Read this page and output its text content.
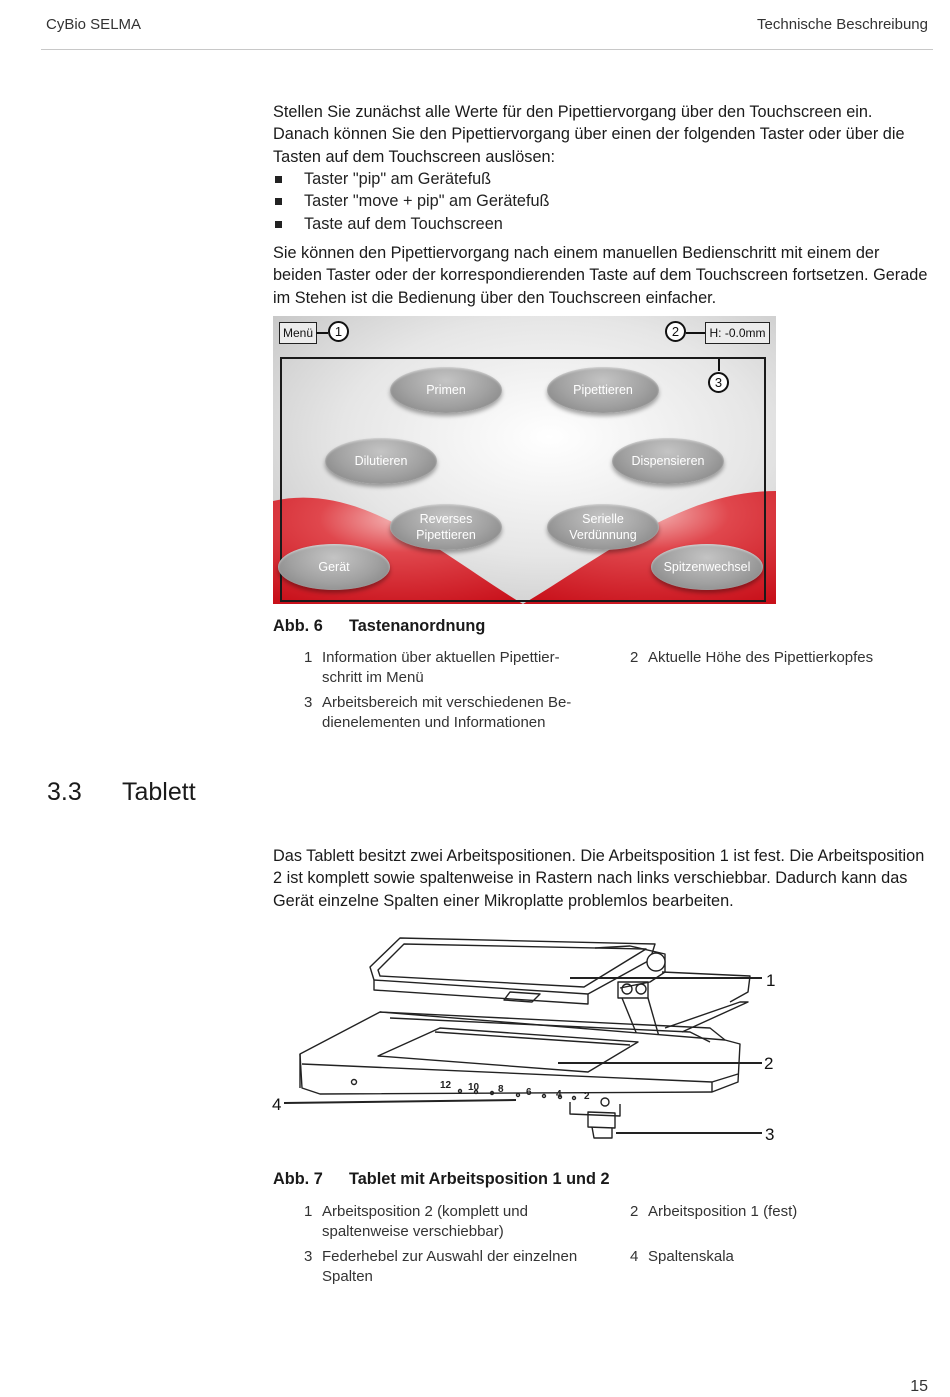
CyBio SELMA	Technische Beschreibung

Stellen Sie zunächst alle Werte für den Pipettiervorgang über den Touchscreen ein. Danach können Sie den Pipettiervorgang über einen der folgenden Taster oder über die Tasten auf dem Touchscreen auslösen:

Taster "pip" am Gerätefuß
Taster "move + pip" am Gerätefuß
Taste auf dem Touchscreen

Sie können den Pipettiervorgang nach einem manuellen Bedienschritt mit einem der beiden Taster oder der korrespondierenden Taste auf dem Touchscreen fortsetzen. Gerade im Stehen ist die Bedienung über den Touchscreen einfacher.

Menü	1	2	H: -0.0mm
3
Primen	Pipettieren
Dilutieren	Dispensieren
Reverses
Pipettieren
Serielle
Verdünnung
Gerät	Spitzenwechsel
Abb. 6 Tastenanordnung
1 Information über aktuellen Pipettier-
schritt im Menü
2 Aktuelle Höhe des Pipettierkopfes
3 Arbeitsbereich mit verschiedenen Be-
dienelementen und Informationen
3.3 Tablett

Das Tablett besitzt zwei Arbeitspositionen. Die Arbeitsposition 1 ist fest. Die Arbeitsposition 2 ist komplett sowie spaltenweise in Rastern nach links verschiebbar. Dadurch kann das Gerät einzelne Spalten einer Mikroplatte problemlos bearbeiten.

12 10 8 6 4 2
1
2
3
4
Abb. 7 Tablet mit Arbeitsposition 1 und 2
1 Arbeitsposition 2 (komplett und
spaltenweise verschiebbar)
2 Arbeitsposition 1 (fest)
3 Federhebel zur Auswahl der einzelnen
Spalten
4 Spaltenskala
15
